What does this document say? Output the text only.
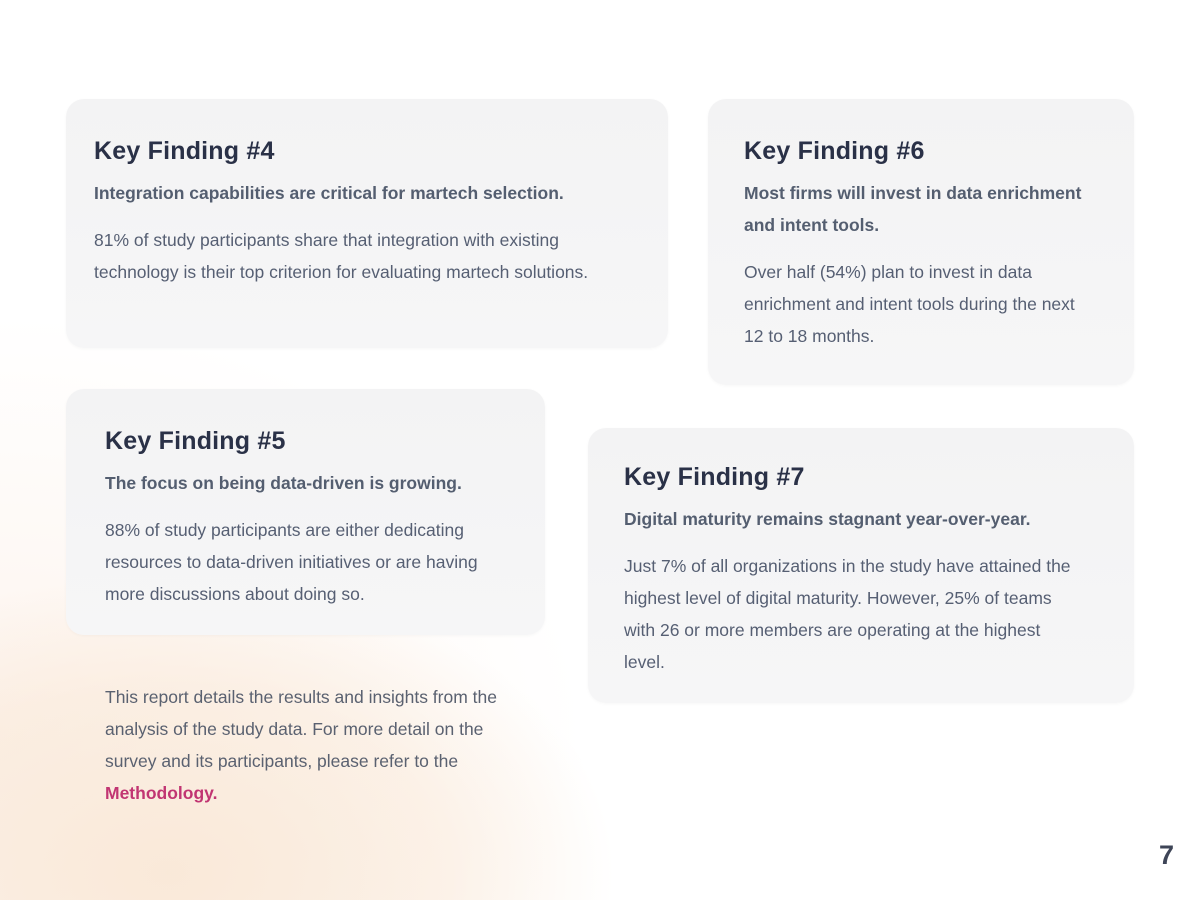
Key Finding #4

Integration capabilities are critical for martech selection.

81% of study participants share that integration with existing technology is their top criterion for evaluating martech solutions.

Key Finding #6

Most firms will invest in data enrichment and intent tools.

Over half (54%) plan to invest in data enrichment and intent tools during the next 12 to 18 months.

Key Finding #5

The focus on being data-driven is growing.

88% of study participants are either dedicating resources to data-driven initiatives or are having more discussions about doing so.

Key Finding #7

Digital maturity remains stagnant year-over-year.

Just 7% of all organizations in the study have attained the highest level of digital maturity. However, 25% of teams with 26 or more members are operating at the highest level.

This report details the results and insights from the analysis of the study data. For more detail on the survey and its participants, please refer to the Methodology.

7
